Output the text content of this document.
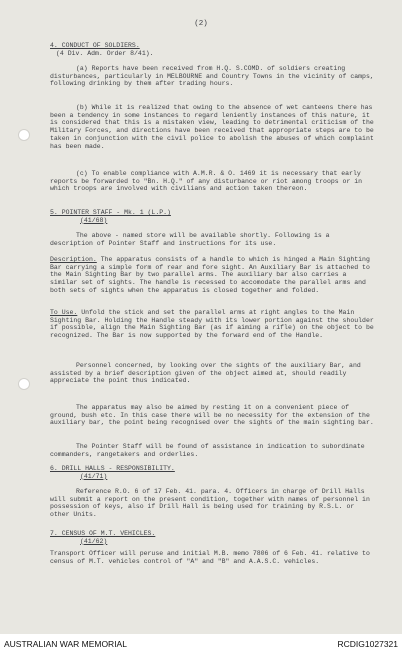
(2)

4. CONDUCT OF SOLDIERS.

(4 Div. Adm. Order 8/41).

(a) Reports have been received from H.Q. S.COMD. of soldiers creating disturbances, particularly in MELBOURNE and Country Towns in the vicinity of camps, following drinking by them after trading hours.
(b) While it is realized that owing to the absence of wet canteens there has been a tendency in some instances to regard leniently instances of this nature, it is considered that this is a mistaken view, leading to detrimental criticism of the Military Forces, and directions have been received that appropriate steps are to be taken in conjunction with the civil police to abolish the abuses of which complaint has been made.
(c) To enable compliance with A.M.R. & O. 1469 it is necessary that early reports be forwarded to "Bn. H.Q." of any disturbance or riot among troops or in which troops are involved with civilians and action taken thereon.

5. POINTER STAFF - Mk. 1 (L.P.)

(41/68)

The above - named store will be available shortly. Following is a description of Pointer Staff and instructions for its use.
Description. The apparatus consists of a handle to which is hinged a Main Sighting Bar carrying a simple form of rear and fore sight. An Auxiliary Bar is attached to the Main Sighting Bar by two parallel arms. The auxiliary bar also carries a similar set of sights. The handle is recessed to accomodate the parallel arms and both sets of sights when the apparatus is closed together and folded.
To Use. Unfold the stick and set the parallel arms at right angles to the Main Sighting Bar. Holding the Handle steady with its lower portion against the shoulder if possible, align the Main Sighting Bar (as if aiming a rifle) on the object to be recognized. The Bar is now supported by the forward end of the Handle.
Personnel concerned, by looking over the sights of the auxiliary Bar, and assisted by a brief description given of the object aimed at, should readily appreciate the point thus indicated.
The apparatus may also be aimed by resting it on a convenient piece of ground, bush etc. In this case there will be no necessity for the extension of the auxiliary bar, the point being recognised over the sights of the main sighting bar.
The Pointer Staff will be found of assistance in indication to subordinate commanders, rangetakers and orderlies.

6. DRILL HALLS - RESPONSIBILITY.

(41/71)

Reference R.O. 6 of 17 Feb. 41. para. 4. Officers in charge of Drill Halls will submit a report on the present condition, together with names of personnel in possession of keys, also if Drill Hall is being used for training by R.S.L. or other Units.

7. CENSUS OF M.T. VEHICLES.

(41/62)

Transport Officer will peruse and initial M.B. memo 7806 of 6 Feb. 41. relative to census of M.T. vehicles control of "A" and "B" and A.A.S.C. vehicles.
AUSTRALIAN WAR MEMORIAL	RCDIG1027321
